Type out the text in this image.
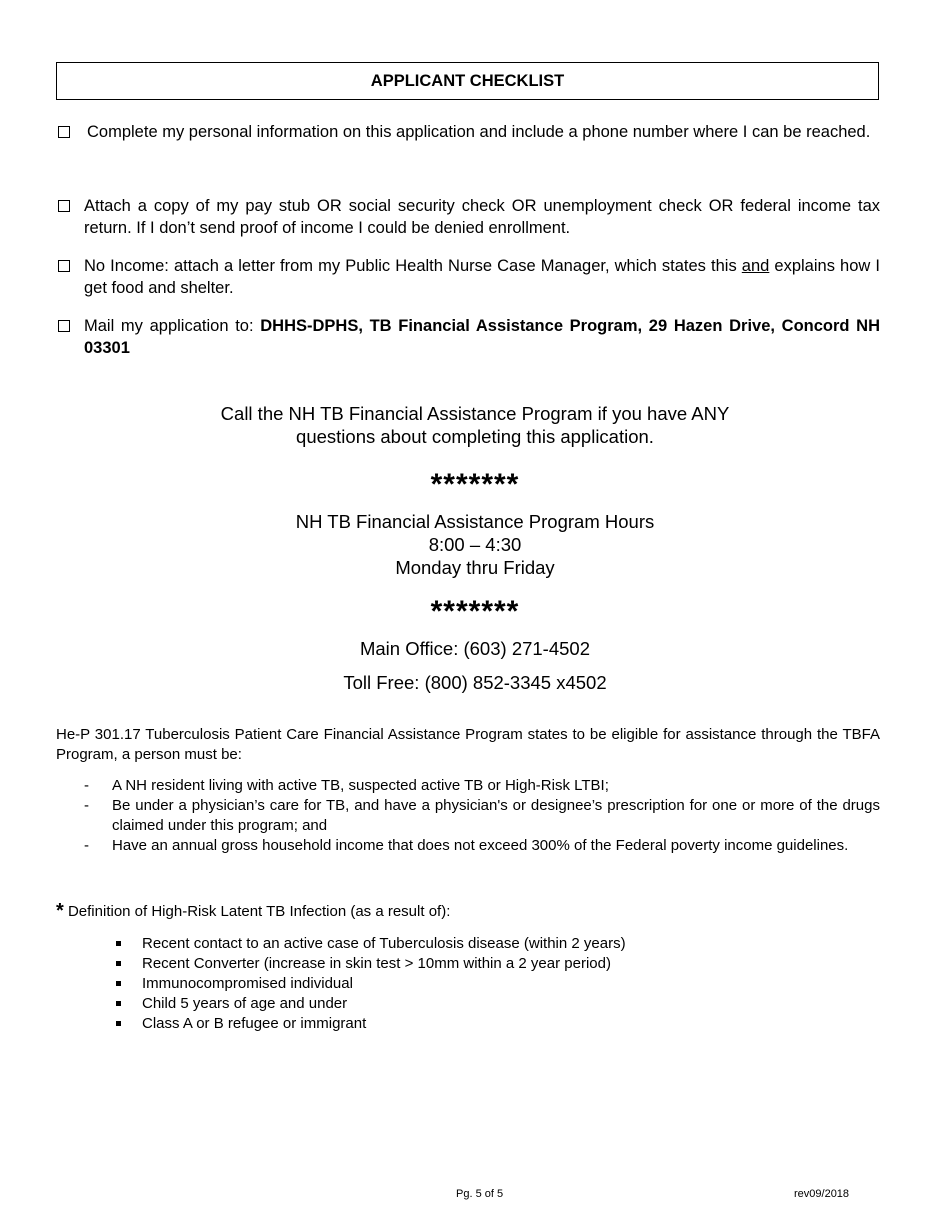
APPLICANT CHECKLIST
Complete my personal information on this application and include a phone number where I can be reached.
Attach a copy of my pay stub OR social security check OR unemployment check OR federal income tax return. If I don’t send proof of income I could be denied enrollment.
No Income: attach a letter from my Public Health Nurse Case Manager, which states this and explains how I get food and shelter.
Mail my application to: DHHS-DPHS, TB Financial Assistance Program, 29 Hazen Drive, Concord NH 03301
Call the NH TB Financial Assistance Program if you have ANY
questions about completing this application.
*******
NH TB Financial Assistance Program Hours
8:00 – 4:30
Monday thru Friday
*******
Main Office: (603) 271-4502
Toll Free: (800) 852-3345 x4502
He-P 301.17 Tuberculosis Patient Care Financial Assistance Program states to be eligible for assistance through the TBFA Program, a person must be:
- A NH resident living with active TB, suspected active TB or High-Risk LTBI;
- Be under a physician’s care for TB, and have a physician's or designee’s prescription for one or more of the drugs claimed under this program; and
- Have an annual gross household income that does not exceed 300% of the Federal poverty income guidelines.
* Definition of High-Risk Latent TB Infection (as a result of):
Recent contact to an active case of Tuberculosis disease (within 2 years)
Recent Converter (increase in skin test > 10mm within a 2 year period)
Immunocompromised individual
Child 5 years of age and under
Class A or B refugee or immigrant
Pg. 5 of 5	rev09/2018
